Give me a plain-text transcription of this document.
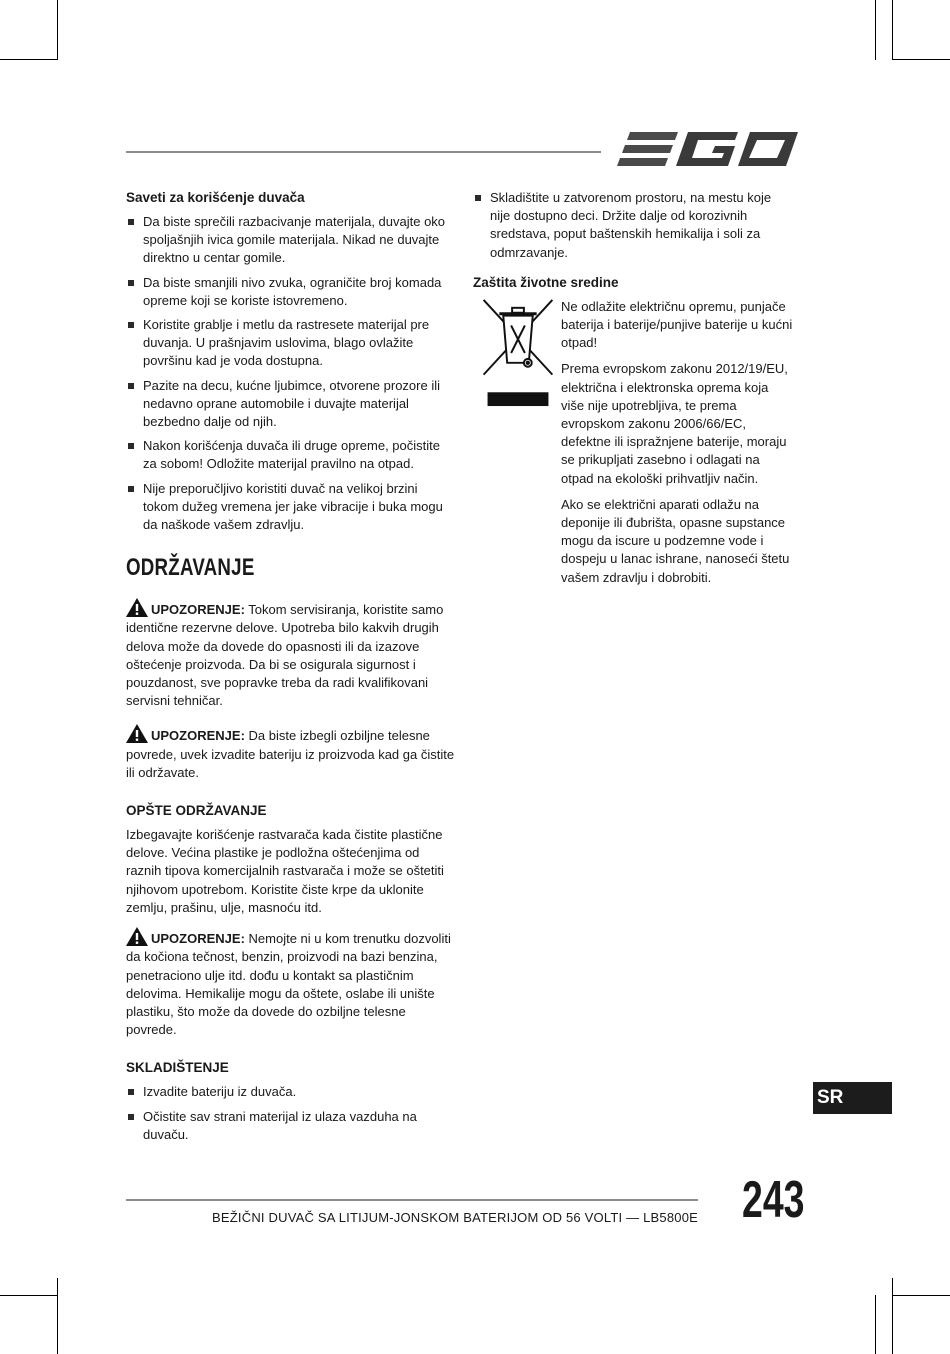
Saveti za korišćenje duvača
Da biste sprečili razbacivanje materijala, duvajte oko spoljašnjih ivica gomile materijala. Nikad ne duvajte direktno u centar gomile.
Da biste smanjili nivo zvuka, ograničite broj komada opreme koji se koriste istovremeno.
Koristite grablje i metlu da rastresete materijal pre duvanja. U prašnjavim uslovima, blago ovlažite površinu kad je voda dostupna.
Pazite na decu, kućne ljubimce, otvorene prozore ili nedavno oprane automobile i duvajte materijal bezbedno dalje od njih.
Nakon korišćenja duvača ili druge opreme, počistite za sobom! Odložite materijal pravilno na otpad.
Nije preporučljivo koristiti duvač na velikoj brzini tokom dužeg vremena jer jake vibracije i buka mogu da naškode vašem zdravlju.
ODRŽAVANJE

UPOZORENJE: Tokom servisiranja, koristite samo identične rezervne delove. Upotreba bilo kakvih drugih delova može da dovede do opasnosti ili da izazove oštećenje proizvoda. Da bi se osigurala sigurnost i pouzdanost, sve popravke treba da radi kvalifikovani servisni tehničar.

UPOZORENJE: Da biste izbegli ozbiljne telesne povrede, uvek izvadite bateriju iz proizvoda kad ga čistite ili održavate.

OPŠTE ODRŽAVANJE

Izbegavajte korišćenje rastvarača kada čistite plastične delove. Većina plastike je podložna oštećenjima od raznih tipova komercijalnih rastvarača i može se oštetiti njihovom upotrebom. Koristite čiste krpe da uklonite zemlju, prašinu, ulje, masnoću itd.

UPOZORENJE: Nemojte ni u kom trenutku dozvoliti da kočiona tečnost, benzin, proizvodi na bazi benzina, penetraciono ulje itd. dođu u kontakt sa plastičnim delovima. Hemikalije mogu da oštete, oslabe ili unište plastiku, što može da dovede do ozbiljne telesne povrede.

SKLADIŠTENJE
Izvadite bateriju iz duvača.
Očistite sav strani materijal iz ulaza vazduha na duvaču.
Skladištite u zatvorenom prostoru, na mestu koje nije dostupno deci. Držite dalje od korozivnih sredstava, poput baštenskih hemikalija i soli za odmrzavanje.
Zaštita životne sredine

Ne odlažite električnu opremu, punjače baterija i baterije/punjive baterije u kućni otpad!

Prema evropskom zakonu 2012/19/EU, električna i elektronska oprema koja više nije upotrebljiva, te prema evropskom zakonu 2006/66/EC, defektne ili ispražnjene baterije, moraju se prikupljati zasebno i odlagati na otpad na ekološki prihvatljiv način.

Ako se električni aparati odlažu na deponije ili đubrišta, opasne supstance mogu da iscure u podzemne vode i dospeju u lanac ishrane, nanoseći štetu vašem zdravlju i dobrobiti.

SR
BEŽIČNI DUVAČ SA LITIJUM-JONSKOM BATERIJOM OD 56 VOLTI — LB5800E 243
